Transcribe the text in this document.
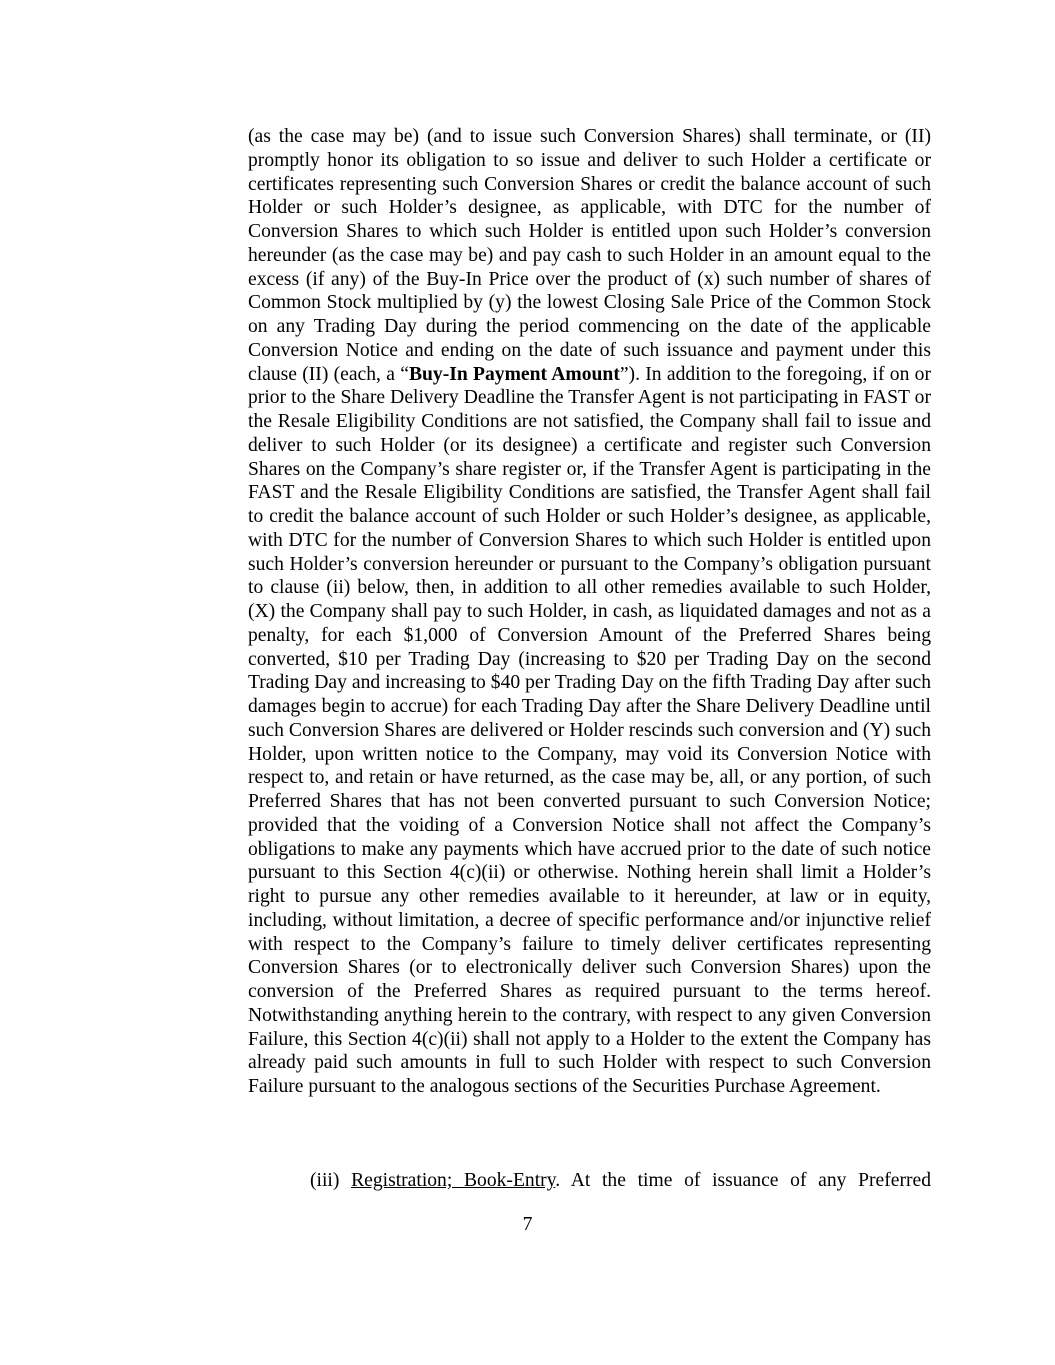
(as the case may be) (and to issue such Conversion Shares) shall terminate, or (II) promptly honor its obligation to so issue and deliver to such Holder a certificate or certificates representing such Conversion Shares or credit the balance account of such Holder or such Holder’s designee, as applicable, with DTC for the number of Conversion Shares to which such Holder is entitled upon such Holder’s conversion hereunder (as the case may be) and pay cash to such Holder in an amount equal to the excess (if any) of the Buy-In Price over the product of (x) such number of shares of Common Stock multiplied by (y) the lowest Closing Sale Price of the Common Stock on any Trading Day during the period commencing on the date of the applicable Conversion Notice and ending on the date of such issuance and payment under this clause (II) (each, a “Buy-In Payment Amount”). In addition to the foregoing, if on or prior to the Share Delivery Deadline the Transfer Agent is not participating in FAST or the Resale Eligibility Conditions are not satisfied, the Company shall fail to issue and deliver to such Holder (or its designee) a certificate and register such Conversion Shares on the Company’s share register or, if the Transfer Agent is participating in the FAST and the Resale Eligibility Conditions are satisfied, the Transfer Agent shall fail to credit the balance account of such Holder or such Holder’s designee, as applicable, with DTC for the number of Conversion Shares to which such Holder is entitled upon such Holder’s conversion hereunder or pursuant to the Company’s obligation pursuant to clause (ii) below, then, in addition to all other remedies available to such Holder, (X) the Company shall pay to such Holder, in cash, as liquidated damages and not as a penalty, for each $1,000 of Conversion Amount of the Preferred Shares being converted, $10 per Trading Day (increasing to $20 per Trading Day on the second Trading Day and increasing to $40 per Trading Day on the fifth Trading Day after such damages begin to accrue) for each Trading Day after the Share Delivery Deadline until such Conversion Shares are delivered or Holder rescinds such conversion and (Y) such Holder, upon written notice to the Company, may void its Conversion Notice with respect to, and retain or have returned, as the case may be, all, or any portion, of such Preferred Shares that has not been converted pursuant to such Conversion Notice; provided that the voiding of a Conversion Notice shall not affect the Company’s obligations to make any payments which have accrued prior to the date of such notice pursuant to this Section 4(c)(ii) or otherwise. Nothing herein shall limit a Holder’s right to pursue any other remedies available to it hereunder, at law or in equity, including, without limitation, a decree of specific performance and/or injunctive relief with respect to the Company’s failure to timely deliver certificates representing Conversion Shares (or to electronically deliver such Conversion Shares) upon the conversion of the Preferred Shares as required pursuant to the terms hereof. Notwithstanding anything herein to the contrary, with respect to any given Conversion Failure, this Section 4(c)(ii) shall not apply to a Holder to the extent the Company has already paid such amounts in full to such Holder with respect to such Conversion Failure pursuant to the analogous sections of the Securities Purchase Agreement.

(iii) Registration; Book-Entry. At the time of issuance of any Preferred

7
